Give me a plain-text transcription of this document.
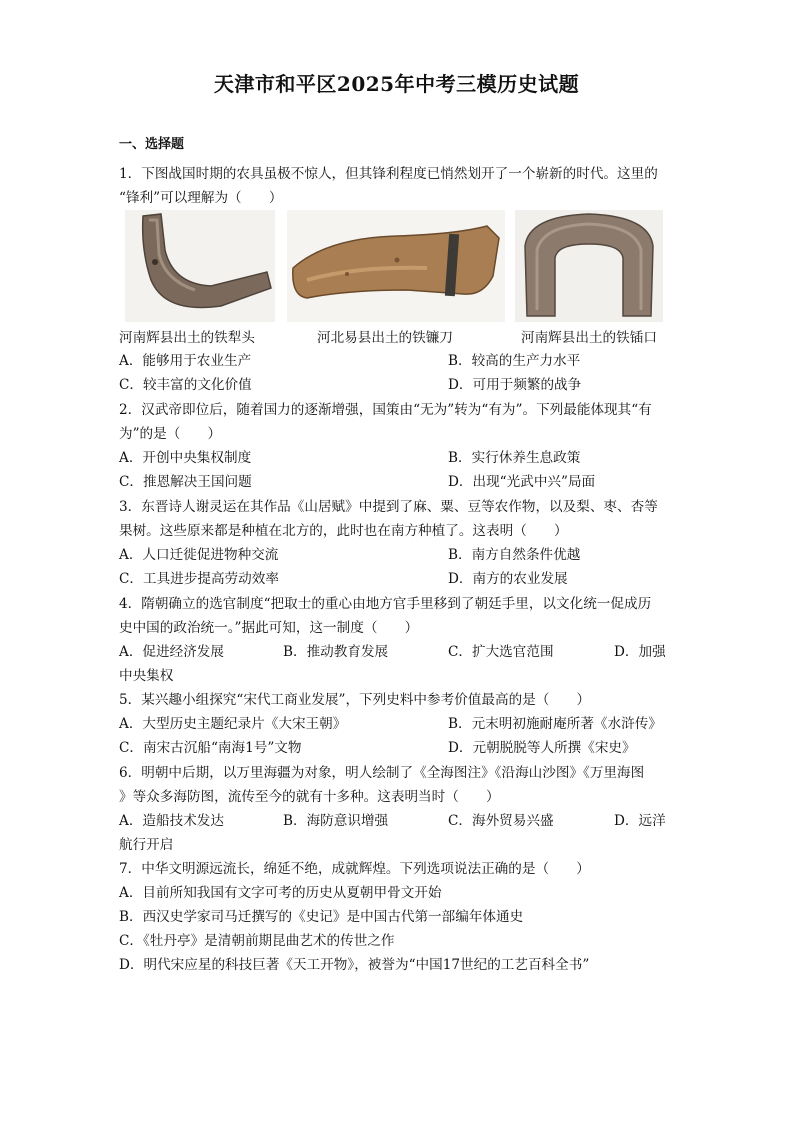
天津市和平区2025年中考三模历史试题
一、选择题
1．下图战国时期的农具虽极不惊人，但其锋利程度已悄然划开了一个崭新的时代。这里的
“锋利”可以理解为（　　）
河南辉县出土的铁犁头	河北易县出土的铁镰刀	河南辉县出土的铁锸口
A．能够用于农业生产	B．较高的生产力水平
C．较丰富的文化价值	D．可用于频繁的战争
2．汉武帝即位后，随着国力的逐渐增强，国策由“无为”转为“有为”。下列最能体现其“有
为”的是（　　）
A．开创中央集权制度	B．实行休养生息政策
C．推恩解决王国问题	D．出现“光武中兴”局面
3．东晋诗人谢灵运在其作品《山居赋》中提到了麻、粟、豆等农作物，以及梨、枣、杏等
果树。这些原来都是种植在北方的，此时也在南方种植了。这表明（　　）
A．人口迁徙促进物种交流	B．南方自然条件优越
C．工具进步提高劳动效率	D．南方的农业发展
4．隋朝确立的选官制度“把取士的重心由地方官手里移到了朝廷手里，以文化统一促成历
史中国的政治统一。”据此可知，这一制度（　　）
A．促进经济发展	B．推动教育发展	C．扩大选官范围	D．加强
中央集权
5．某兴趣小组探究“宋代工商业发展”，下列史料中参考价值最高的是（　　）
A．大型历史主题纪录片《大宋王朝》	B．元末明初施耐庵所著《水浒传》
C．南宋古沉船“南海1号”文物	D．元朝脱脱等人所撰《宋史》
6．明朝中后期，以万里海疆为对象，明人绘制了《全海图注》《沿海山沙图》《万里海图
》等众多海防图，流传至今的就有十多种。这表明当时（　　）
A．造船技术发达	B．海防意识增强	C．海外贸易兴盛	D．远洋
航行开启
7．中华文明源远流长，绵延不绝，成就辉煌。下列选项说法正确的是（　　）
A．目前所知我国有文字可考的历史从夏朝甲骨文开始
B．西汉史学家司马迁撰写的《史记》是中国古代第一部编年体通史
C．《牡丹亭》是清朝前期昆曲艺术的传世之作
D．明代宋应星的科技巨著《天工开物》，被誉为“中国17世纪的工艺百科全书”
